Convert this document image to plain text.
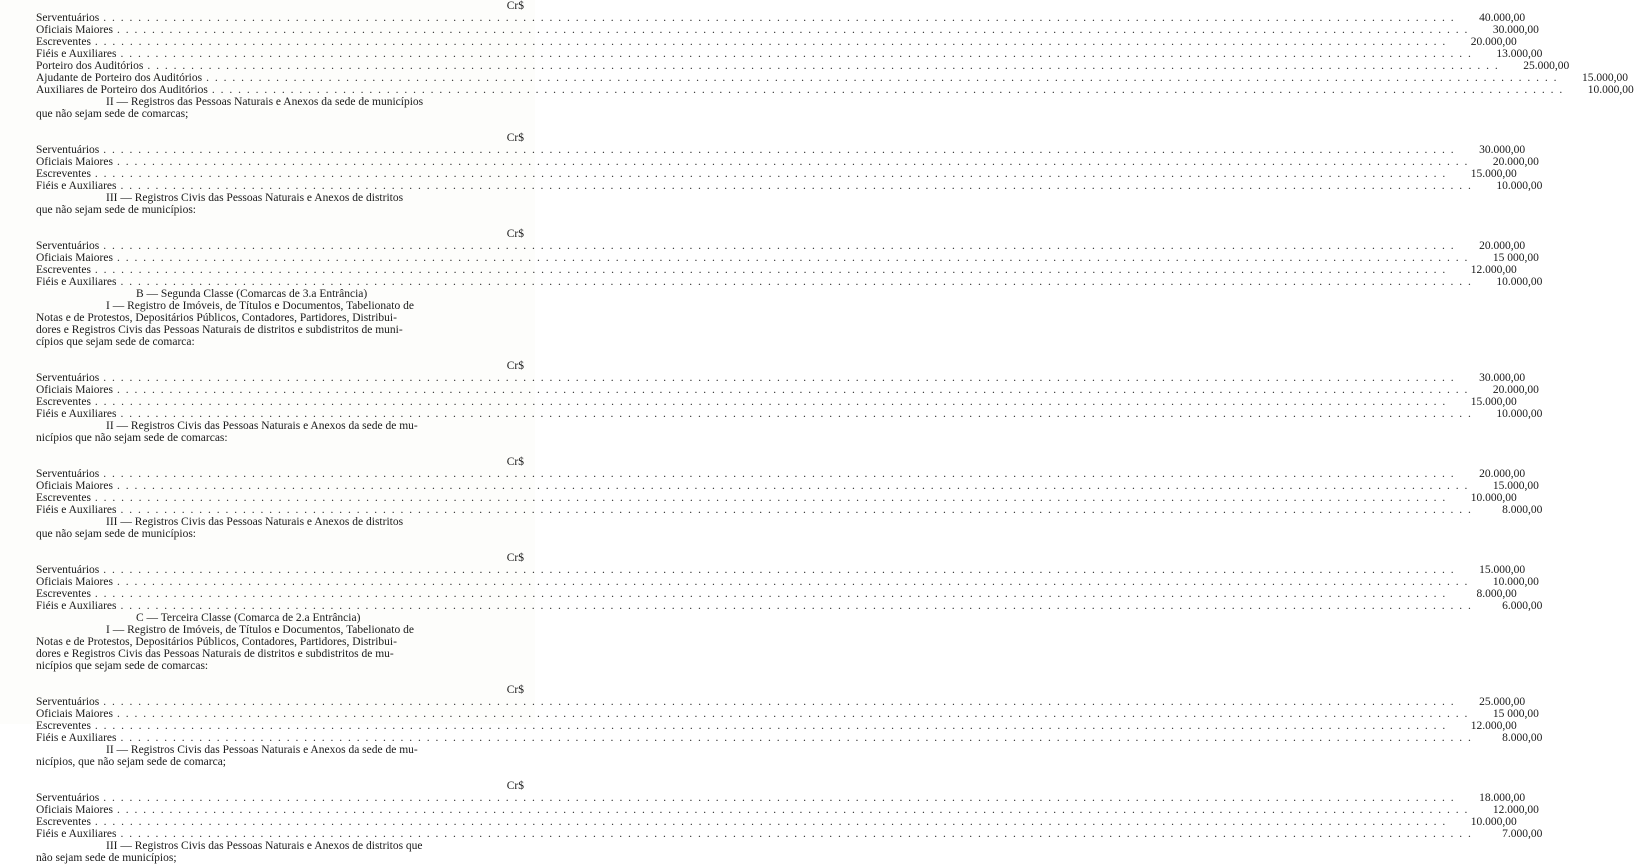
Cr$
Serventuários . . .	40.000,00
Oficiais Maiores . . .	30.000,00
Escreventes . . .	20.000,00
Fiéis e Auxiliares . . .	13.000,00
Porteiro dos Auditórios . . .	25.000,00
Ajudante de Porteiro dos Auditórios . . .	15.000,00
Auxiliares de Porteiro dos Auditórios . . .	10.000,00
II — Registros das Pessoas Naturais e Anexos da sede de municípios
que não sejam sede de comarcas;
Cr$
Serventuários . . .	30.000,00
Oficiais Maiores . . .	20.000,00
Escreventes . . .	15.000,00
Fiéis e Auxiliares . . .	10.000,00
III — Registros Civis das Pessoas Naturais e Anexos de distritos
que não sejam sede de municípios:
Cr$
Serventuários . . .	20.000,00
Oficiais Maiores . . .	15 000,00
Escreventes . . .	12.000,00
Fiéis e Auxiliares . . .	10.000,00
B — Segunda Classe (Comarcas de 3.a Entrância)
I — Registro de Imóveis, de Títulos e Documentos, Tabelionato de
Notas e de Protestos, Depositários Públicos, Contadores, Partidores, Distribui-
dores e Registros Civis das Pessoas Naturais de distritos e subdistritos de muni-
cípios que sejam sede de comarca:
Cr$
Serventuários . . .	30.000,00
Oficiais Maiores . . .	20.000,00
Escreventes . . .	15.000,00
Fiéis e Auxiliares . . .	10.000,00
II — Registros Civis das Pessoas Naturais e Anexos da sede de mu-
nicípios que não sejam sede de comarcas:
Cr$
Serventuários . . .	20.000,00
Oficiais Maiores . . .	15.000,00
Escreventes . . .	10.000,00
Fiéis e Auxiliares . . .	8.000,00
III — Registros Civis das Pessoas Naturais e Anexos de distritos
que não sejam sede de municípios:
Cr$
Serventuários . . .	15.000,00
Oficiais Maiores . . .	10.000,00
Escreventes . . .	8.000,00
Fiéis e Auxiliares . . .	6.000,00
C — Terceira Classe (Comarca de 2.a Entrância)
I — Registro de Imóveis, de Títulos e Documentos, Tabelionato de
Notas e de Protestos, Depositários Públicos, Contadores, Partidores, Distribui-
dores e Registros Civis das Pessoas Naturais de distritos e subdistritos de mu-
nicípios que sejam sede de comarcas:
Cr$
Serventuários . . .	25.000,00
Oficiais Maiores . . .	15 000,00
Escreventes . . .	12.000,00
Fiéis e Auxiliares . . .	8.000,00
II — Registros Civis das Pessoas Naturais e Anexos da sede de mu-
nicípios, que não sejam sede de comarca;
Cr$
Serventuários . . .	18.000,00
Oficiais Maiores . . .	12.000,00
Escreventes . . .	10.000,00
Fiéis e Auxiliares . . .	7.000,00
III — Registros Civis das Pessoas Naturais e Anexos de distritos que
não sejam sede de municípios;
